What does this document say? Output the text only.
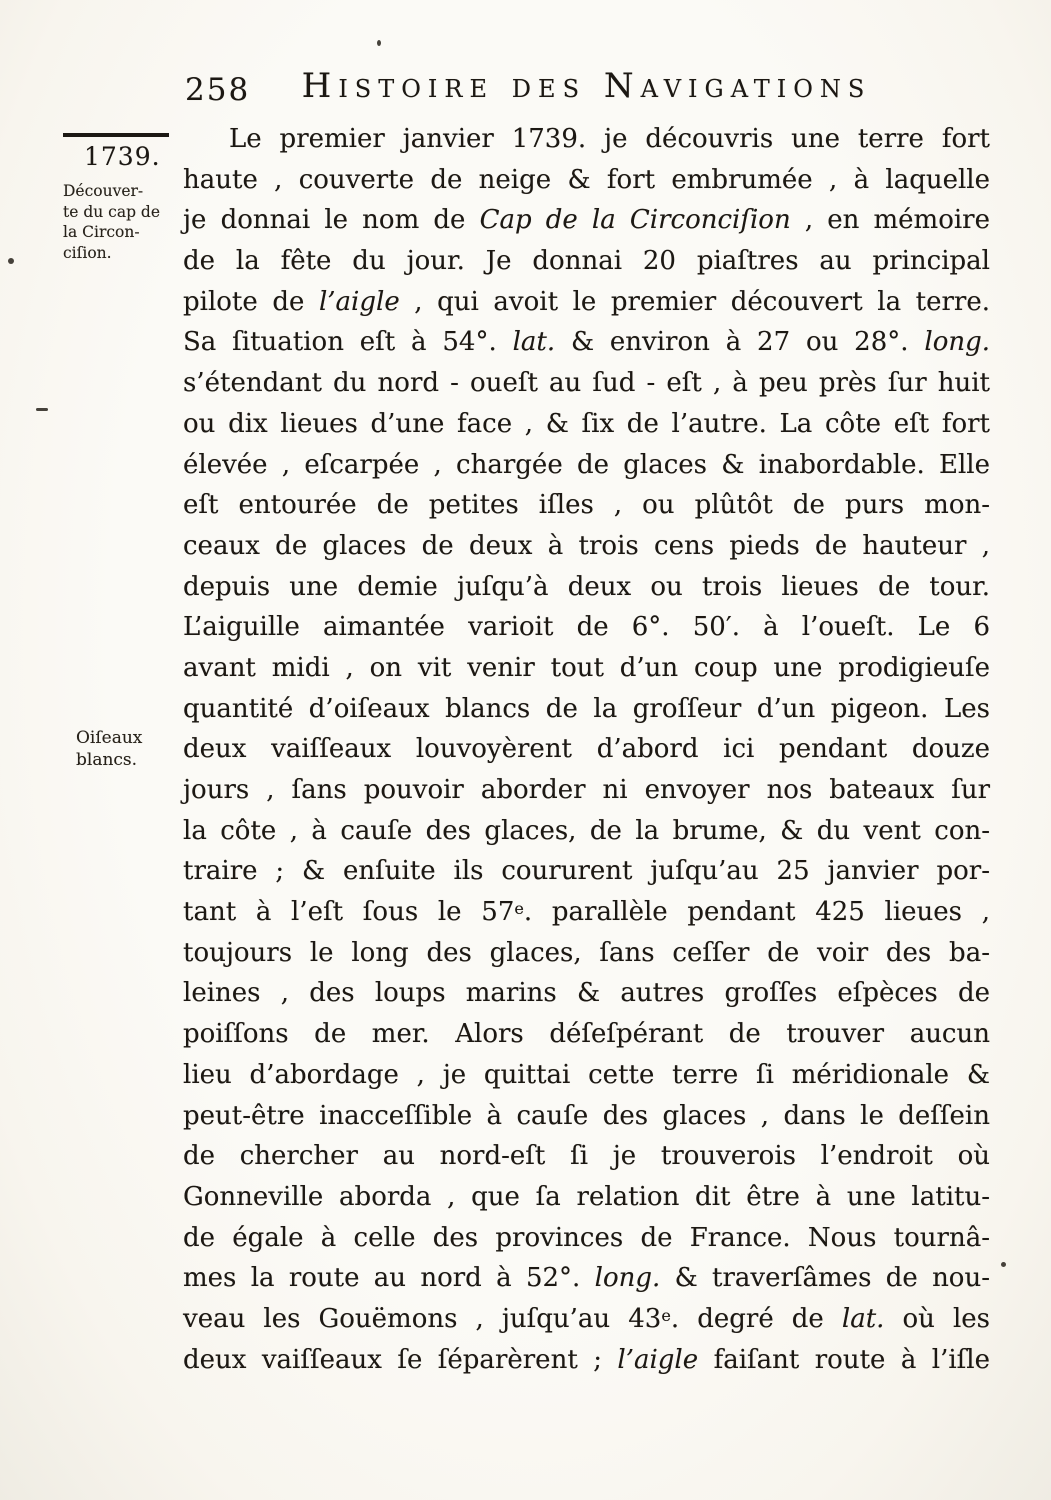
258	Histoire des Navigations
1739.
Découver-
te du cap de
la Circon-
ciſion.
Oiſeaux
blancs.
Le premier janvier 1739. je découvris une terre fort
haute , couverte de neige & fort embrumée , à laquelle
je donnai le nom de Cap de la Circonciſion , en mémoire
de la fête du jour. Je donnai 20 piaſtres au principal
pilote de l’aigle , qui avoit le premier découvert la terre.
Sa ſituation eſt à 54°. lat. & environ à 27 ou 28°. long.
s’étendant du nord - oueſt au ſud - eſt , à peu près ſur huit
ou dix lieues d’une face , & ſix de l’autre. La côte eſt fort
élevée , eſcarpée , chargée de glaces & inabordable. Elle
eſt entourée de petites iſles , ou plûtôt de purs mon-
ceaux de glaces de deux à trois cens pieds de hauteur ,
depuis une demie juſqu’à deux ou trois lieues de tour.
L’aiguille aimantée varioit de 6°. 50′. à l’oueſt. Le 6
avant midi , on vit venir tout d’un coup une prodigieuſe
quantité d’oiſeaux blancs de la groſſeur d’un pigeon. Les
deux vaiſſeaux louvoyèrent d’abord ici pendant douze
jours , ſans pouvoir aborder ni envoyer nos bateaux ſur
la côte , à cauſe des glaces, de la brume, & du vent con-
traire ; & enſuite ils coururent juſqu’au 25 janvier por-
tant à l’eſt ſous le 57e. parallèle pendant 425 lieues ,
toujours le long des glaces, ſans ceſſer de voir des ba-
leines , des loups marins & autres groſſes eſpèces de
poiſſons de mer. Alors déſeſpérant de trouver aucun
lieu d’abordage , je quittai cette terre ſi méridionale &
peut-être inacceſſible à cauſe des glaces , dans le deſſein
de chercher au nord-eſt ſi je trouverois l’endroit où
Gonneville aborda , que ſa relation dit être à une latitu-
de égale à celle des provinces de France. Nous tournâ-
mes la route au nord à 52°. long. & traverſâmes de nou-
veau les Gouëmons , juſqu’au 43e. degré de lat. où les
deux vaiſſeaux ſe ſéparèrent ; l’aigle faiſant route à l’iſle
